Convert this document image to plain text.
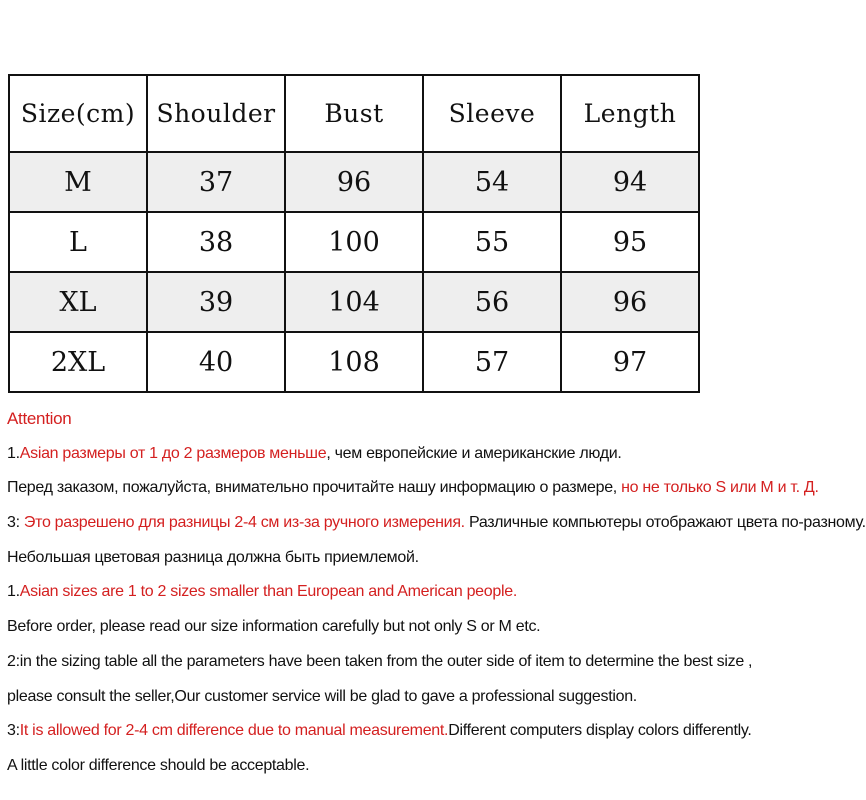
Size(cm)	Shoulder	Bust	Sleeve	Length
M	37	96	54	94
L	38	100	55	95
XL	39	104	56	96
2XL	40	108	57	97
Attention
1.Asian размеры от 1 до 2 размеров меньше, чем европейские и американские люди.
Перед заказом, пожалуйста, внимательно прочитайте нашу информацию о размере, но не только S или M и т. Д.
3: Это разрешено для разницы 2-4 см из-за ручного измерения. Различные компьютеры отображают цвета по-разному.
Небольшая цветовая разница должна быть приемлемой.
1.Asian sizes are 1 to 2 sizes smaller than European and American people.
Before order, please read our size information carefully but not only S or M etc.
2:in the sizing table all the parameters have been taken from the outer side of item to determine the best size ,
please consult the seller,Our customer service will be glad to gave a professional suggestion.
3:It is allowed for 2-4 cm difference due to manual measurement.Different computers display colors differently.
A little color difference should be acceptable.
